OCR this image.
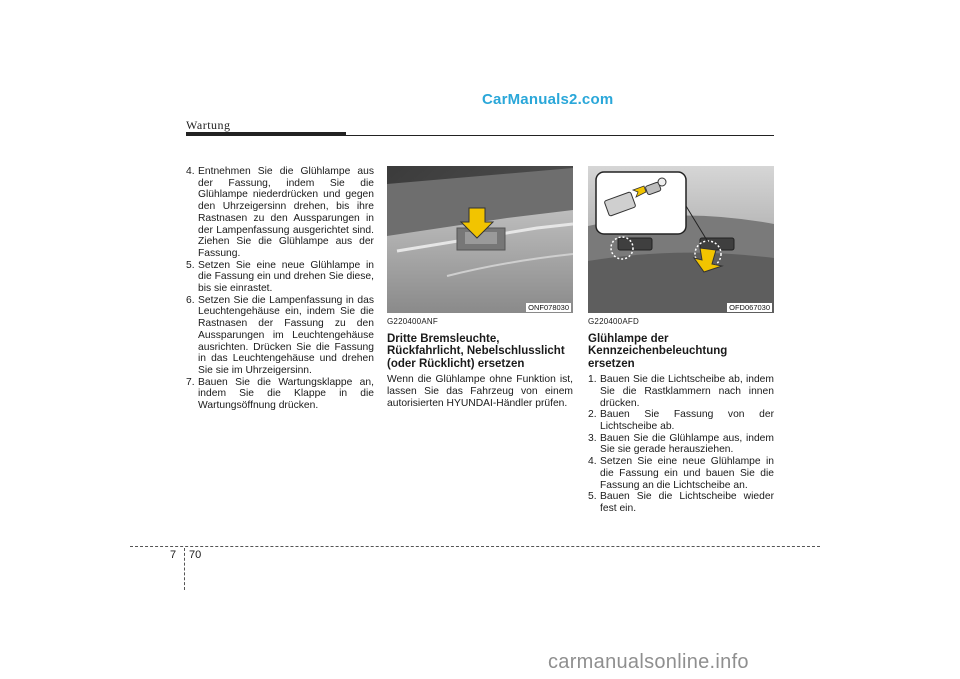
CarManuals2.com
Wartung
4. Entnehmen Sie die Glühlampe aus der Fassung, indem Sie die Glühlampe niederdrücken und gegen den Uhrzeigersinn drehen, bis ihre Rastnasen zu den Aussparungen in der Lampenfassung ausgerichtet sind. Ziehen Sie die Glühlampe aus der Fassung.
5. Setzen Sie eine neue Glühlampe in die Fassung ein und drehen Sie diese, bis sie einrastet.
6. Setzen Sie die Lampenfassung in das Leuchtengehäuse ein, indem Sie die Rastnasen der Fassung zu den Aussparungen im Leuchtengehäuse ausrichten. Drücken Sie die Fassung in das Leuchtengehäuse und drehen Sie sie im Uhrzeigersinn.
7. Bauen Sie die Wartungsklappe an, indem Sie die Klappe in die Wartungsöffnung drücken.
ONF078030	OFD067030
G220400ANF
Dritte Bremsleuchte, Rückfahrlicht, Nebelschlusslicht (oder Rücklicht) ersetzen

Wenn die Glühlampe ohne Funktion ist, lassen Sie das Fahrzeug von einem autorisierten HYUNDAI-Händler prüfen.

G220400AFD
Glühlampe der Kennzeichenbeleuchtung ersetzen
1. Bauen Sie die Lichtscheibe ab, indem Sie die Rastklammern nach innen drücken.
2. Bauen Sie Fassung von der Lichtscheibe ab.
3. Bauen Sie die Glühlampe aus, indem Sie sie gerade herausziehen.
4. Setzen Sie eine neue Glühlampe in die Fassung ein und bauen Sie die Fassung an die Lichtscheibe an.
5. Bauen Sie die Lichtscheibe wieder fest ein.
7 70
carmanualsonline.info
